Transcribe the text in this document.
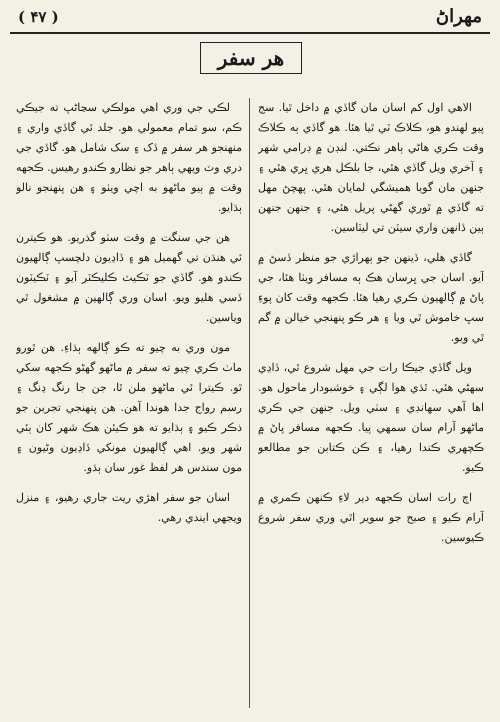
( ۴۷ )	مهراڻ
هر سفر

الاهي اول کم اسان مان گاڏي ۾ داخل ٿيا. سج پيو لهندو هو، ڪلاڪ ٽي ٿيا هئا. هو گاڏي ٻه ڪلاڪ وقت ڪري هاڻي ٻاهر نڪتي. لنڊن ۾ ڊرامي شهر ۽ آخري ويل گاڏي هئي، جا بلڪل هري ڀري هئي ۽ جنهن مان گويا هميشگي لمايان هئي. پهچڻ مهل ته گاڏي ۾ ٿوري گهڻي پريل هئي، ۽ جنهن جنهن ٻين ڏانهن واري سيٽن تي ليٽاسين.

گاڏي هلي، ڏينهن جو ٻهراڙي جو منظر ڏسڻ ۾ آيو. اسان جي ڀرسان هڪ ٻه مسافر ويٺا هئا، جي پاڻ ۾ ڳالهيون ڪري رهيا هئا. ڪجهه وقت کان پوءِ سڀ خاموش ٿي ويا ۽ هر ڪو پنهنجي خيالن ۾ گم ٿي ويو.

ويل گاڏي جيڪا رات جي مهل شروع ٿي، ڏاڍي سهڻي هئي. ٿڌي هوا لڳي ۽ خوشبودار ماحول هو. اها آهي سهانڊي ۽ سٺي ويل. جنهن جي ڪري ماڻهو آرام سان سمهي پيا. ڪجهه مسافر پاڻ ۾ ڪچهري ڪندا رهيا، ۽ ڪن ڪتابن جو مطالعو ڪيو.

اڄ رات اسان ڪجهه دير لاءِ ڪنهن ڪمري ۾ آرام ڪيو ۽ صبح جو سوير اٿي وري سفر شروع ڪيوسين.

لڪي جي وري اهي مولڪي سڃاڻپ ته جيڪي ڪم، سو تمام معمولي هو. جلد ئي گاڏي واري ۽ منهنجو هر سفر ۾ ڏک ۽ سک شامل هو. گاڏي جي دري وٽ ويهي ٻاهر جو نظارو ڪندو رهيس. ڪجهه وقت ۾ ٻيو ماڻهو به اچي ويٺو ۽ هن پنهنجو نالو ٻڌايو.

هن جي سنگت ۾ وقت سٺو گذريو. هو ڪيترن ئي هنڌن تي گهميل هو ۽ ڏاڍيون دلچسپ ڳالهيون ڪندو هو. گاڏي جو ٽڪيٽ ڪليڪٽر آيو ۽ ٽڪيٽون ڏسي هليو ويو. اسان وري ڳالهين ۾ مشغول ٿي وياسين.

مون وري به چيو ته ڪو ڳالهه ٻڌاءِ. هن ٿورو ماٺ ڪري چيو ته سفر ۾ ماڻهو گهڻو ڪجهه سکي ٿو. ڪيترا ئي ماڻهو ملن ٿا، جن جا رنگ ڍنگ ۽ رسم رواج جدا هوندا آهن. هن پنهنجي تجربن جو ذڪر ڪيو ۽ ٻڌايو ته هو ڪيئن هڪ شهر کان ٻئي شهر ويو. اهي ڳالهيون مونکي ڏاڍيون وڻيون ۽ مون سندس هر لفظ غور سان ٻڌو.

اسان جو سفر اهڙي ريت جاري رهيو، ۽ منزل ويجهي ايندي رهي.
